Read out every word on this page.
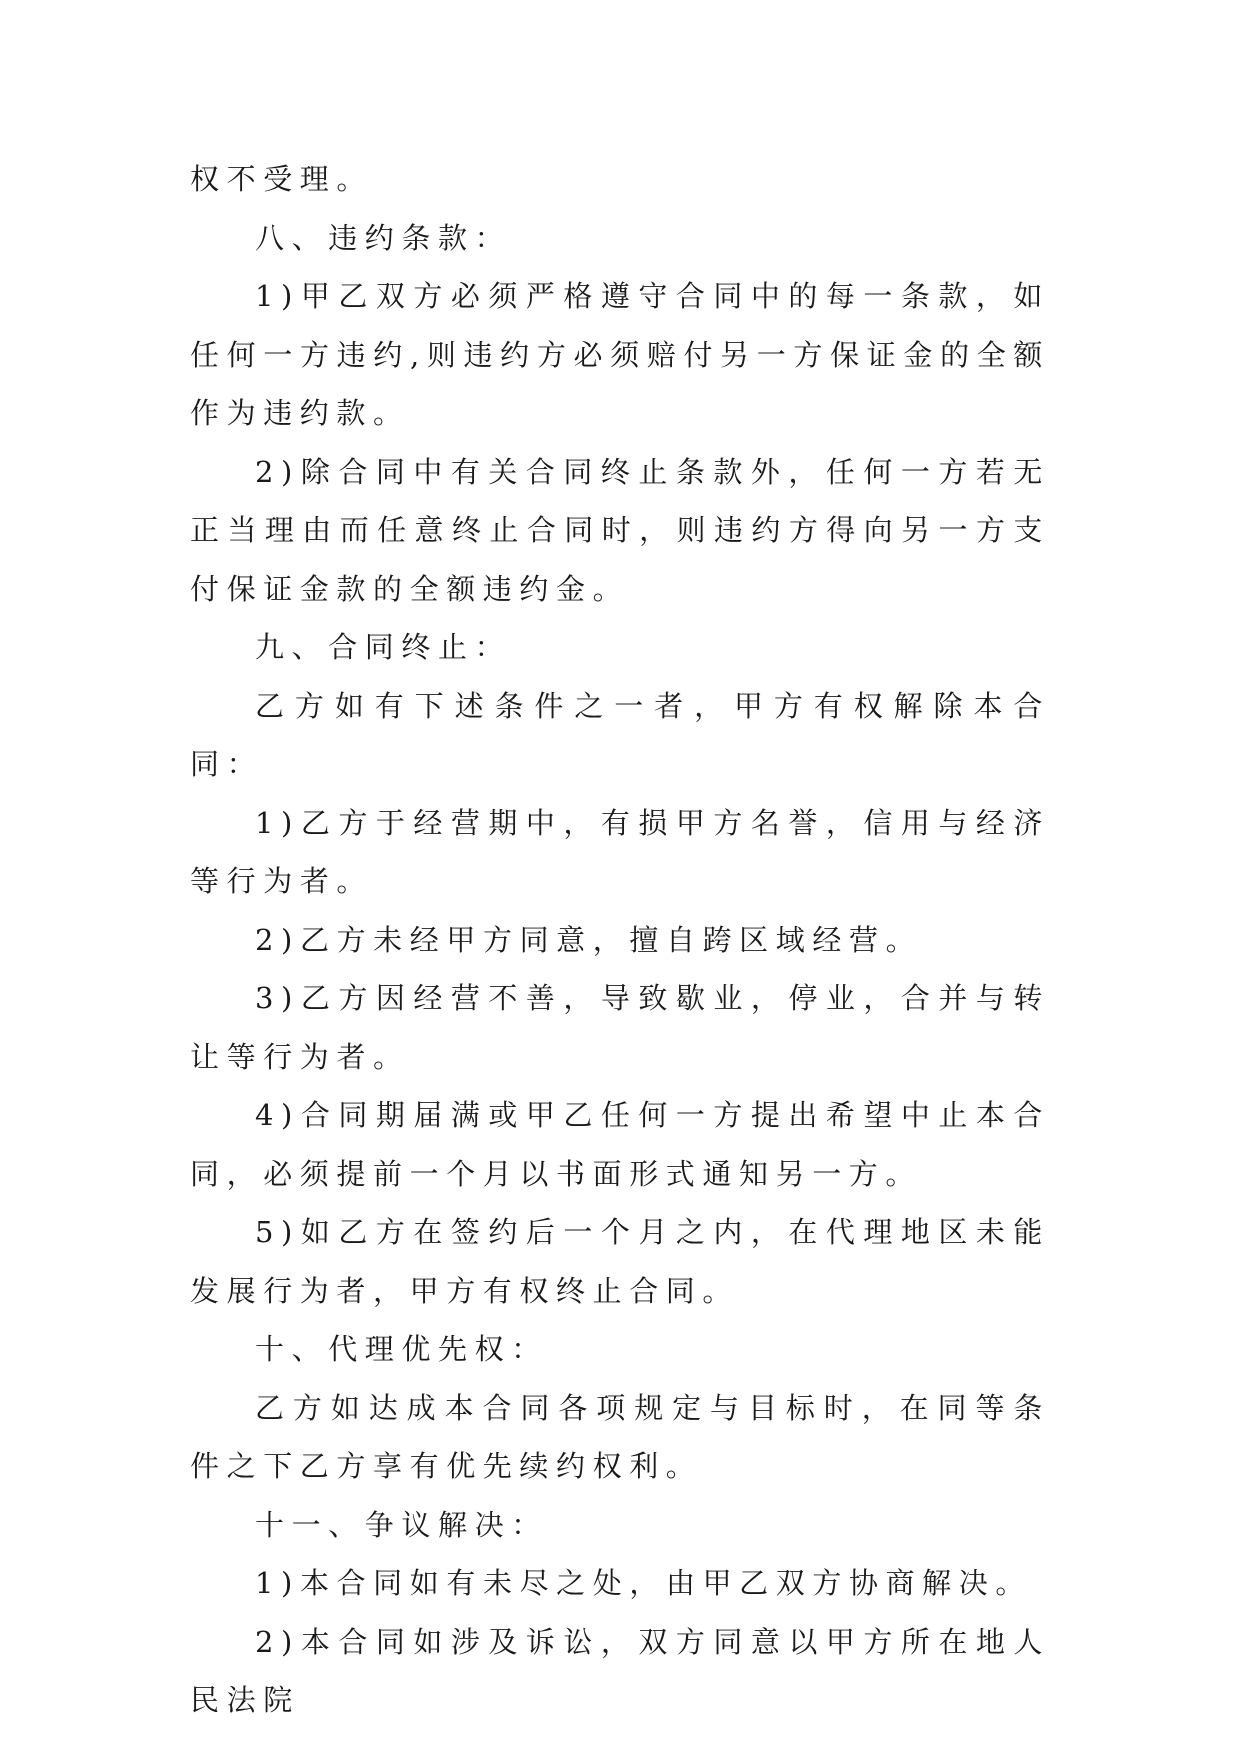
权不受理。

八、违约条款：

1)甲乙双方必须严格遵守合同中的每一条款，如任何一方违约,则违约方必须赔付另一方保证金的全额作为违约款。

2)除合同中有关合同终止条款外，任何一方若无正当理由而任意终止合同时，则违约方得向另一方支付保证金款的全额违约金。

九、合同终止：

乙方如有下述条件之一者，甲方有权解除本合同：

1)乙方于经营期中，有损甲方名誉，信用与经济等行为者。

2)乙方未经甲方同意，擅自跨区域经营。

3)乙方因经营不善，导致歇业，停业，合并与转让等行为者。

4)合同期届满或甲乙任何一方提出希望中止本合同，必须提前一个月以书面形式通知另一方。

5)如乙方在签约后一个月之内，在代理地区未能发展行为者，甲方有权终止合同。

十、代理优先权：

乙方如达成本合同各项规定与目标时，在同等条件之下乙方享有优先续约权利。

十一、争议解决：

1)本合同如有未尽之处，由甲乙双方协商解决。

2)本合同如涉及诉讼，双方同意以甲方所在地人民法院
